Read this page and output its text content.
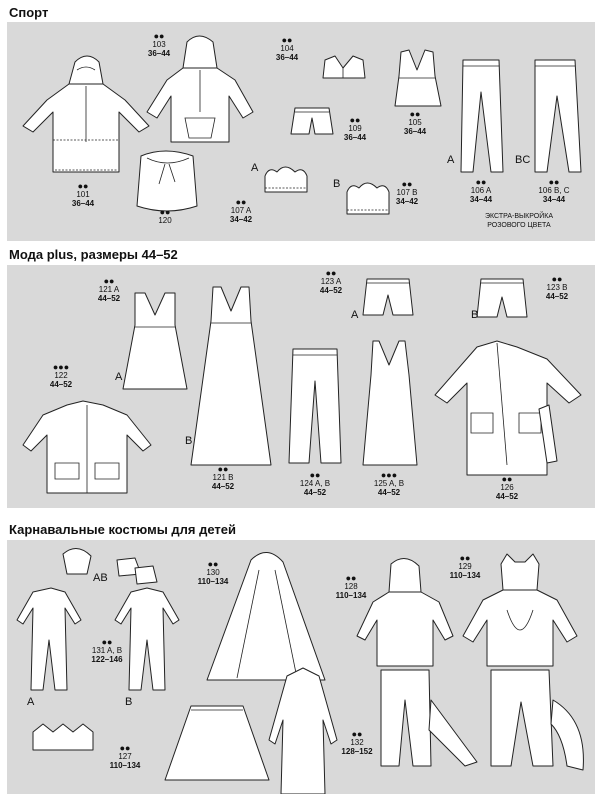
Спорт
●●
101
36–44
●●
103
36–44
●●
104
36–44
●●
105
36–44
●●
109
36–44
●●
120
●●
107 A
34–42
●●
107 B
34–42
●●
106 A
34–44
●●
106 B, C
34–44
A	BC
A
B
ЭКСТРА-ВЫКРОЙКА
РОЗОВОГО ЦВЕТА
Мода plus, размеры 44–52
●●
121 A
44–52
●●
121 B
44–52
●●●
122
44–52
●●
123 A
44–52
●●
123 B
44–52
●●
124 A, B
44–52
●●●
125 A, B
44–52
●●
126
44–52
A
B
A	B
Карнавальные костюмы для детей
●●
131 A, B
122–146
●●
127
110–134
●●
130
110–134	●●
128
110–134
●●
129
110–134
●●
132
128–152
A	B
AB
